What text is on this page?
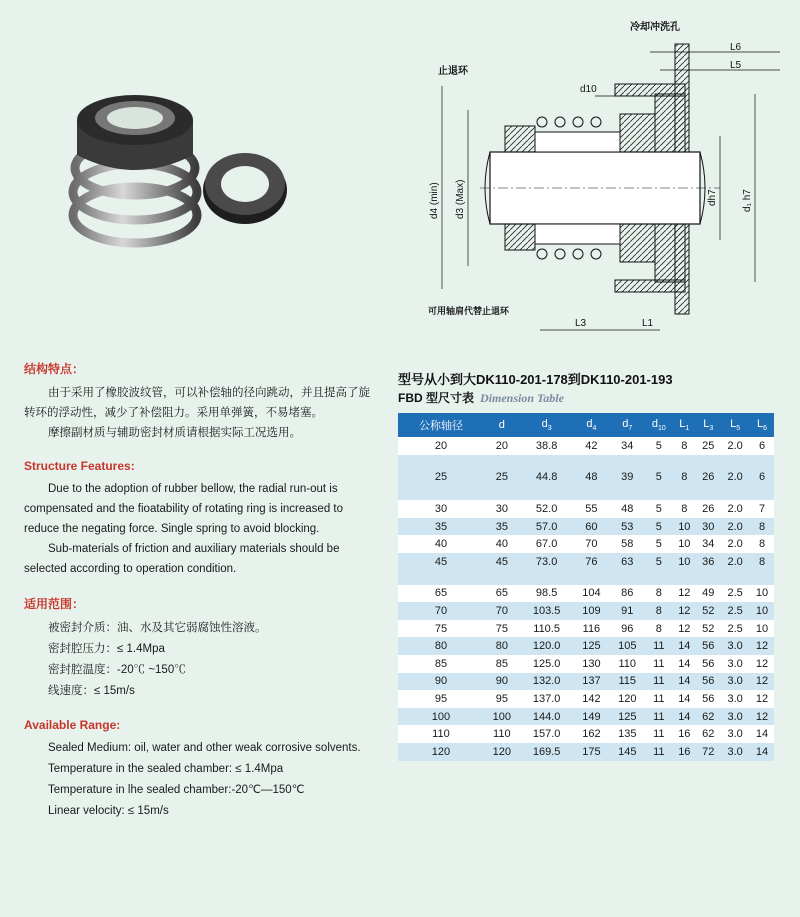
冷却冲洗孔
止退环
可用轴肩代替止退环
d10
L6
L5
L3	L1
d4 (min) d3 (Max)	dh7 d₁ h7
结构特点：

由于采用了橡胶波纹管，可以补偿轴的径向跳动，并且提高了旋转环的浮动性，减少了补偿阻力。采用单弹簧，不易堵塞。

摩擦副材质与辅助密封材质请根据实际工况选用。

Structure Features:

Due to the adoption of rubber bellow, the radial run-out is compensated and the fioatability of rotating ring is increased to reduce the negating force. Single spring to avoid blocking.

Sub-materials of friction and auxiliary materials should be selected according to operation condition.

适用范围：

被密封介质：油、水及其它弱腐蚀性溶液。

密封腔压力：≤ 1.4Mpa

密封腔温度：-20℃ ~150℃

线速度：≤ 15m/s

Available Range:

Sealed Medium: oil, water and other weak corrosive solvents.

Temperature in the sealed chamber: ≤ 1.4Mpa

Temperature in lhe sealed chamber:-20℃—150℃

Linear velocity: ≤ 15m/s

型号从小到大DK110-201-178到DK110-201-193
FBD 型尺寸表 Dimension Table
公称轴径	d	$d_3$	$d_4$	$d_7$	$d_{10}$	$L_1$	$L_3$	$L_5$	$L_6$
20	20	38.8	42	34	5	8	25	2.0	6

25	25	44.8	48	39	5	8	26	2.0	6

30	30	52.0	55	48	5	8	26	2.0	7
35	35	57.0	60	53	5	10	30	2.0	8
40	40	67.0	70	58	5	10	34	2.0	8
45	45	73.0	76	63	5	10	36	2.0	8

65	65	98.5	104	86	8	12	49	2.5	10
70	70	103.5	109	91	8	12	52	2.5	10
75	75	110.5	116	96	8	12	52	2.5	10
80	80	120.0	125	105	11	14	56	3.0	12
85	85	125.0	130	110	11	14	56	3.0	12
90	90	132.0	137	115	11	14	56	3.0	12
95	95	137.0	142	120	11	14	56	3.0	12
100	100	144.0	149	125	11	14	62	3.0	12
110	110	157.0	162	135	11	16	62	3.0	14
120	120	169.5	175	145	11	16	72	3.0	14
